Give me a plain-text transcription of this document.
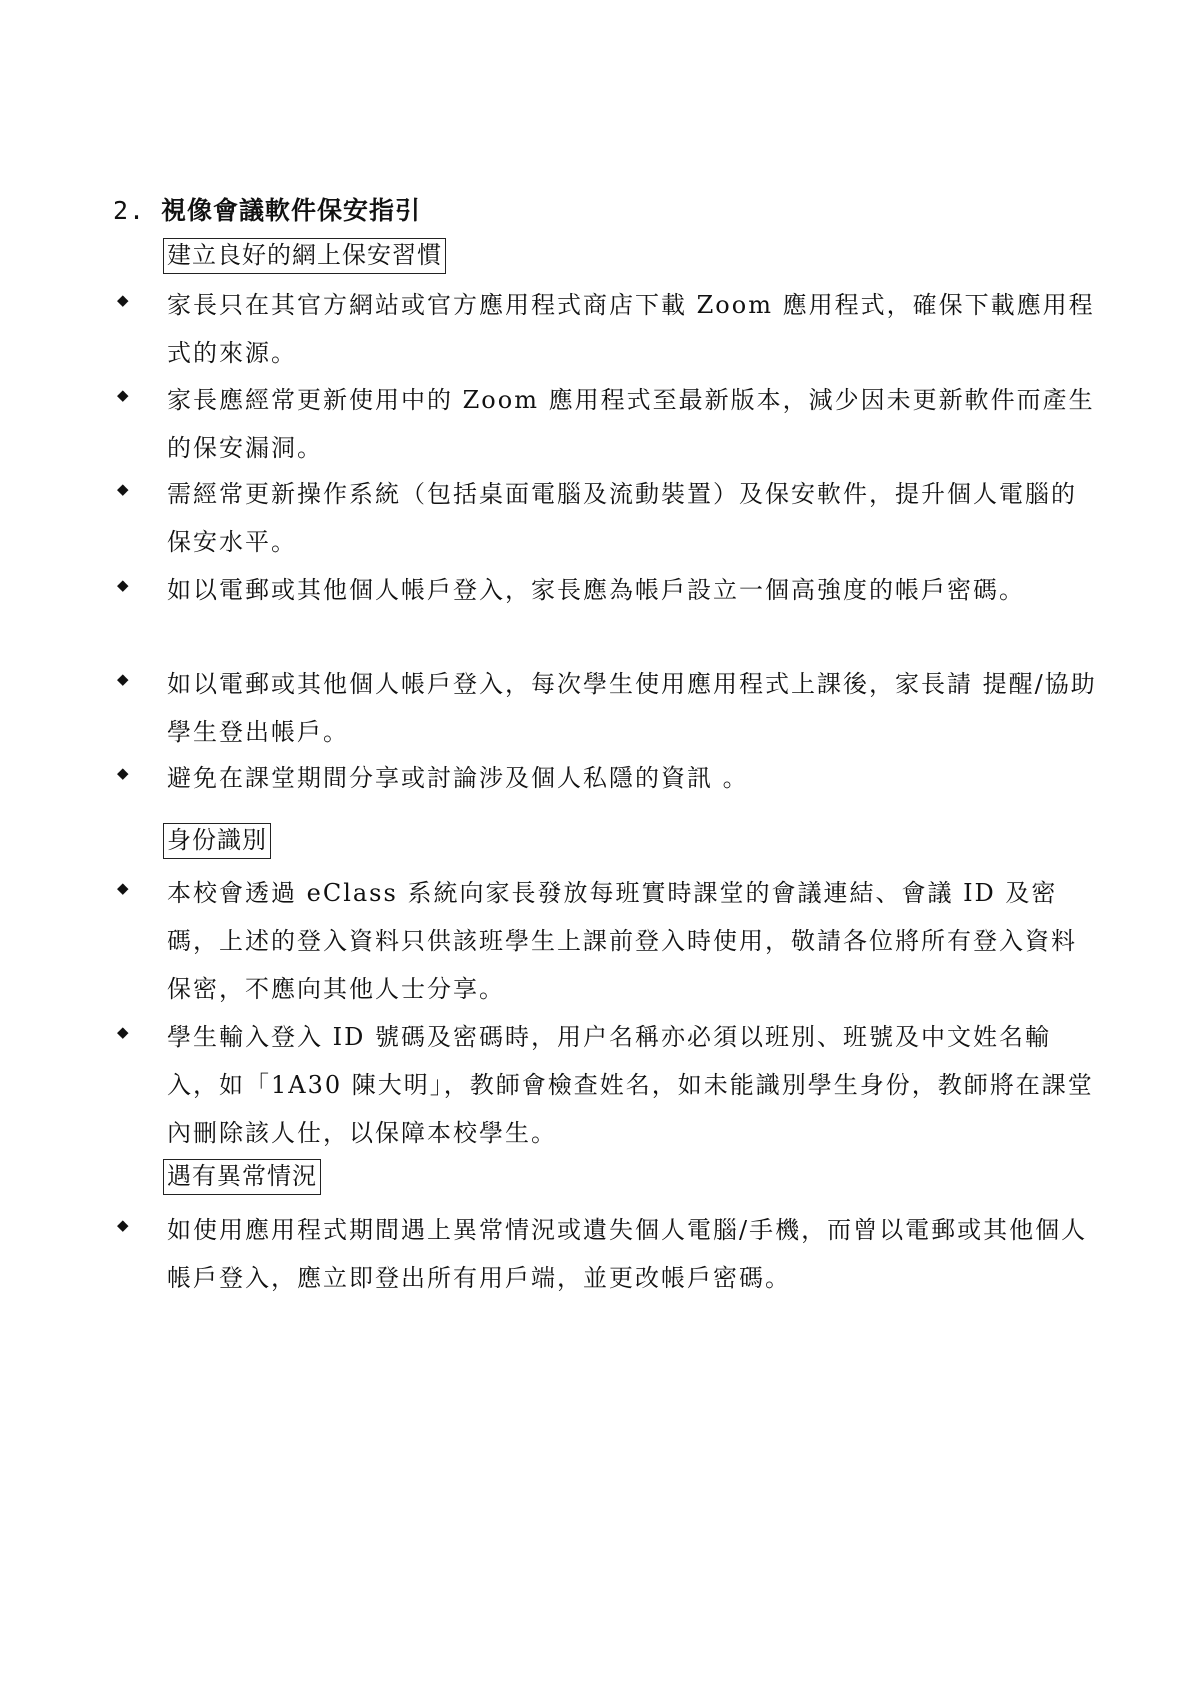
2. 視像會議軟件保安指引
建立良好的網上保安習慣
◆ 家長只在其官方網站或官方應用程式商店下載 Zoom 應用程式，確保下載應用程式的來源。
◆ 家長應經常更新使用中的 Zoom 應用程式至最新版本，減少因未更新軟件而產生的保安漏洞。
◆ 需經常更新操作系統（包括桌面電腦及流動裝置）及保安軟件，提升個人電腦的保安水平。
◆ 如以電郵或其他個人帳戶登入，家長應為帳戶設立一個高強度的帳戶密碼。
◆ 如以電郵或其他個人帳戶登入，每次學生使用應用程式上課後，家長請 提醒/協助學生登出帳戶。
◆ 避免在課堂期間分享或討論涉及個人私隱的資訊 。
身份識別
◆ 本校會透過 eClass 系統向家長發放每班實時課堂的會議連結、會議 ID 及密碼，上述的登入資料只供該班學生上課前登入時使用，敬請各位將所有登入資料保密，不應向其他人士分享。
◆ 學生輸入登入 ID 號碼及密碼時，用户名稱亦必須以班別、班號及中文姓名輸入，如「1A30 陳大明」，教師會檢查姓名，如未能識別學生身份，教師將在課堂內刪除該人仕，以保障本校學生。
遇有異常情況
◆ 如使用應用程式期間遇上異常情況或遺失個人電腦/手機，而曾以電郵或其他個人帳戶登入，應立即登出所有用戶端，並更改帳戶密碼。
